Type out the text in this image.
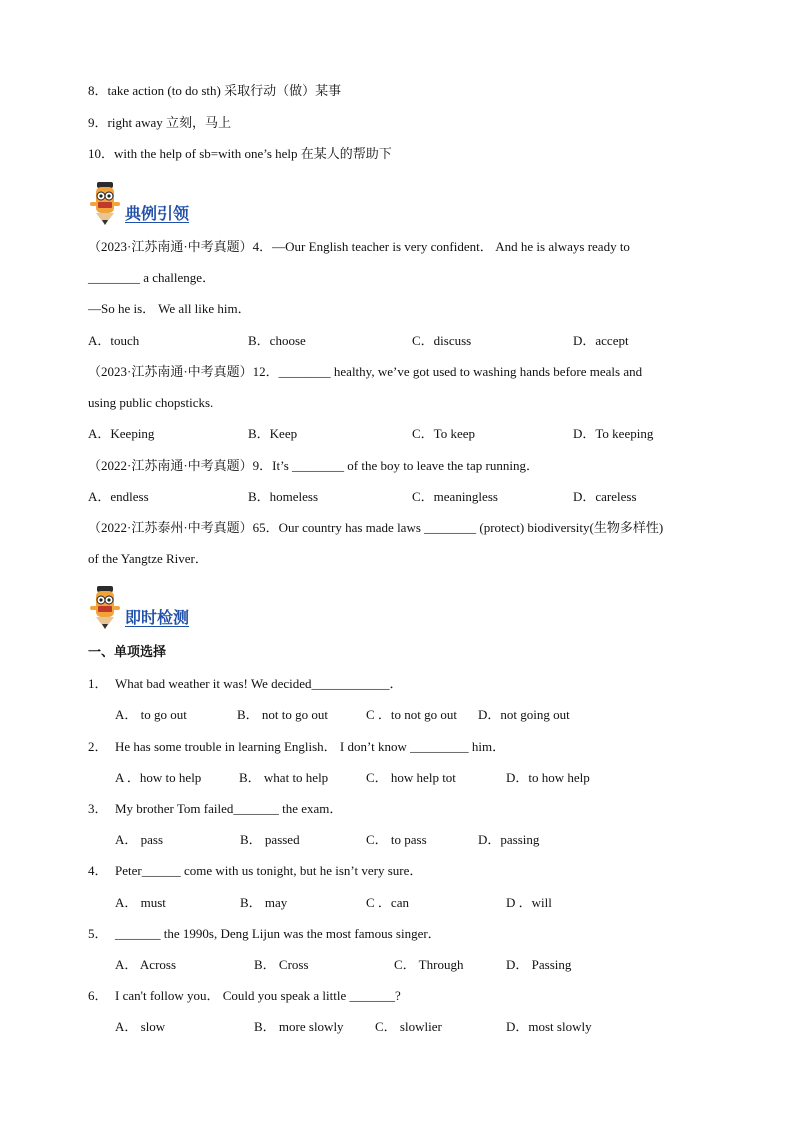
8．take action (to do sth) 采取行动（做）某事
9．right away 立刻，马上
10．with the help of sb=with one’s help 在某人的帮助下
典例引领
（2023·江苏南通·中考真题）4．—Our English teacher is very confident． And he is always ready to
________ a challenge．
—So he is． We all like him．
A．touch	B．choose	C．discuss	D．accept
（2023·江苏南通·中考真题）12．________ healthy, we’ve got used to washing hands before meals and
using public chopsticks.
A．Keeping	B．Keep	C．To keep	D．To keeping
（2022·江苏南通·中考真题）9．It’s ________ of the boy to leave the tap running．
A．endless	B．homeless	C．meaningless	D．careless
（2022·江苏泰州·中考真题）65．Our country has made laws ________ (protect) biodiversity(生物多样性)
of the Yangtze River．
即时检测
一、单项选择
1． What bad weather it was! We decided____________．
A． to go out	B． not to go out	C ．to not go out D．not going out
2． He has some trouble in learning English． I don’t know _________ him．
A ．how to help	B． what to help	C． how help tot	D．to how help
3． My brother Tom failed_______ the exam．
A． pass	B． passed	C． to pass	D．passing
4． Peter______ come with us tonight, but he isn’t very sure．
A． must	B． may	C ．can	D ．will
5． _______ the 1990s, Deng Lijun was the most famous singer．
A． Across	B． Cross	C． Through	D． Passing
6． I can't follow you． Could you speak a little _______?
A． slow	B． more slowly C． slowlier	D．most slowly
